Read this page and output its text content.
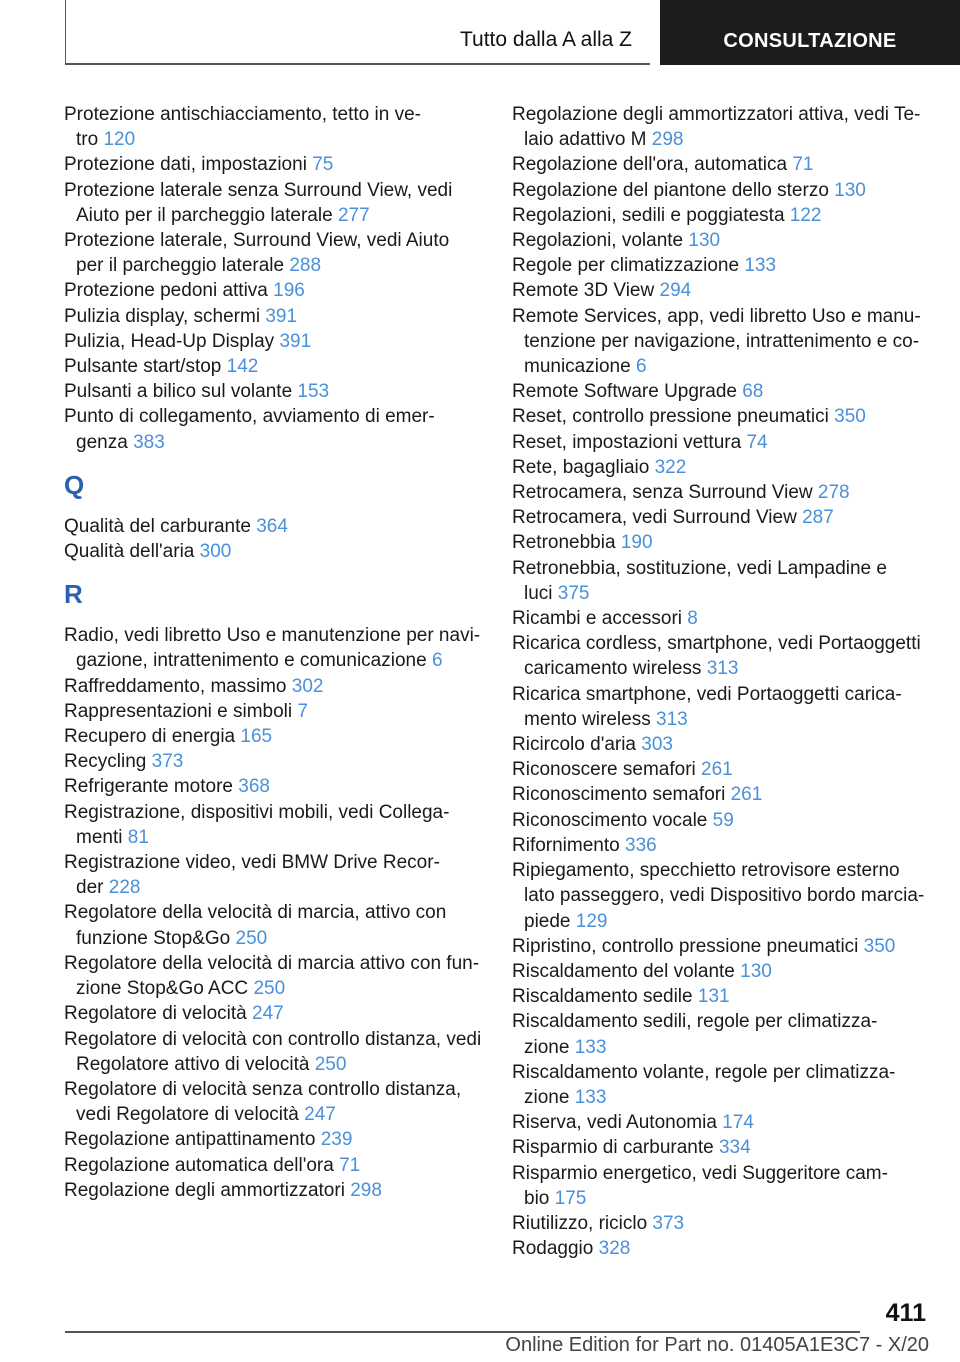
Tutto dalla A alla Z	CONSULTAZIONE
Protezione antischiacciamento, tetto in ve-
tro 120
Protezione dati, impostazioni 75
Protezione laterale senza Surround View, vedi
Aiuto per il parcheggio laterale 277
Protezione laterale, Surround View, vedi Aiuto
per il parcheggio laterale 288
Protezione pedoni attiva 196
Pulizia display, schermi 391
Pulizia, Head-Up Display 391
Pulsante start/stop 142
Pulsanti a bilico sul volante 153
Punto di collegamento, avviamento di emer-
genza 383
Q
Qualità del carburante 364
Qualità dell'aria 300
R
Radio, vedi libretto Uso e manutenzione per navi-
gazione, intrattenimento e comunicazione 6
Raffreddamento, massimo 302
Rappresentazioni e simboli 7
Recupero di energia 165
Recycling 373
Refrigerante motore 368
Registrazione, dispositivi mobili, vedi Collega-
menti 81
Registrazione video, vedi BMW Drive Recor-
der 228
Regolatore della velocità di marcia, attivo con
funzione Stop&Go 250
Regolatore della velocità di marcia attivo con fun-
zione Stop&Go ACC 250
Regolatore di velocità 247
Regolatore di velocità con controllo distanza, vedi
Regolatore attivo di velocità 250
Regolatore di velocità senza controllo distanza,
vedi Regolatore di velocità 247
Regolazione antipattinamento 239
Regolazione automatica dell'ora 71
Regolazione degli ammortizzatori 298
Regolazione degli ammortizzatori attiva, vedi Te-
laio adattivo M 298
Regolazione dell'ora, automatica 71
Regolazione del piantone dello sterzo 130
Regolazioni, sedili e poggiatesta 122
Regolazioni, volante 130
Regole per climatizzazione 133
Remote 3D View 294
Remote Services, app, vedi libretto Uso e manu-
tenzione per navigazione, intrattenimento e co-
municazione 6
Remote Software Upgrade 68
Reset, controllo pressione pneumatici 350
Reset, impostazioni vettura 74
Rete, bagagliaio 322
Retrocamera, senza Surround View 278
Retrocamera, vedi Surround View 287
Retronebbia 190
Retronebbia, sostituzione, vedi Lampadine e
luci 375
Ricambi e accessori 8
Ricarica cordless, smartphone, vedi Portaoggetti
caricamento wireless 313
Ricarica smartphone, vedi Portaoggetti carica-
mento wireless 313
Ricircolo d'aria 303
Riconoscere semafori 261
Riconoscimento semafori 261
Riconoscimento vocale 59
Rifornimento 336
Ripiegamento, specchietto retrovisore esterno
lato passeggero, vedi Dispositivo bordo marcia-
piede 129
Ripristino, controllo pressione pneumatici 350
Riscaldamento del volante 130
Riscaldamento sedile 131
Riscaldamento sedili, regole per climatizza-
zione 133
Riscaldamento volante, regole per climatizza-
zione 133
Riserva, vedi Autonomia 174
Risparmio di carburante 334
Risparmio energetico, vedi Suggeritore cam-
bio 175
Riutilizzo, riciclo 373
Rodaggio 328
411
Online Edition for Part no. 01405A1E3C7 - X/20
